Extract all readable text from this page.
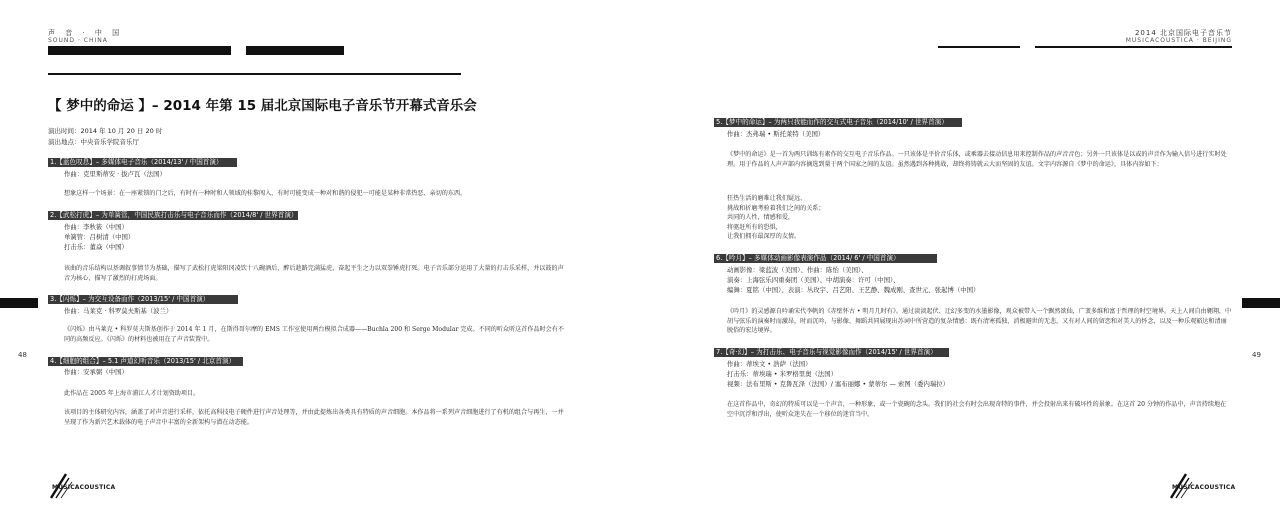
声 音 · 中 国
SOUND · CHINA
【 梦中的命运 】– 2014 年第 15 届北京国际电子音乐节开幕式音乐会
演出时间：2014 年 10 月 20 日 20 时
演出地点：中央音乐学院音乐厅
1.【蓝色叹息】– 多媒体电子音乐（2014/13' / 中国首演）
作曲：克里斯蒂安 · 拔卢瓦（法国）
想象这样一个场景：在一座紧锁的门之后，有时有一种时和人领域的桂黎闯入，有时可能变成一种对和谐的侵犯一可能是某种非常热恶、亲切的东西。
2.【武松打虎】– 为单簧管，中国民族打击乐与电子音乐而作（2014/8' / 世界首演）
作曲：李秋筱（中国）
单簧管：吕树清（中国）
打击乐：董焱（中国）
该曲的音乐结构以基调叙事情节为基础，描写了武松打虎梁阳冈凌饮十八碗酒后，醉后趁路完满猛虎，奋起平生之力以双拳锤虎打死。电子音乐部分运用了大量的打击乐采样，并以鼓的声音为核心，描写了激烈的打虎场面。
3.【闪烁】– 为交互设备而作（2013/15' / 中国首演）
作曲：马莱克 · 科罗莫夫斯基（波兰）
《闪烁》由马莱克 • 科罗莫夫斯基创作于 2014 年 1 月，在斯得哥尔摩的 EMS 工作室使用两台模拟合成器——Buchla 200 和 Serge Modular 完成。不同的听众听这首作品时会有不同的高频反应。《闪烁》的材料也被用在了声音装置中。
4.【细胞的组合】– 5.1 声道幻听音乐（2013/15' / 北京首演）
作曲：安承弼（中国）
此作品在 2005 年上海市浦江人才计划资助项目。
该项目的主体研究内容，涵盖了对声音进行采样，依托高科技电子硬件进行声音处理等，并由此提炼出各类具有特质的声音细胞。本作品将一系列声音细胞进行了有机的组合与再生，一并呈现了作为新兴艺术载体的电子声音中丰富的全新架构与潜在动态能。
48
MUSICACOUSTICA
2014 北京国际电子音乐节
MUSICACOUSTICA · BEIJING
5.【梦中的命运】– 为两只我能而作的交互式电子音乐（2014/10' / 世界首演）
作曲：杰弗瑞 • 斯托莱特（美国）
《梦中的命运》是一首为两只训练有素作的交互电子音乐作品。一只该体是平价音乐体，或乘器去接动信息用来控制作品的声音音色；另外一只该体是以或的声音作为输入信号进行实时处理。用于作品的人声声部内容摘选到量于两个国家之间的友谊。虽然遇到各种挑战，却终将铸就云大而坚固的友谊。文字内容源自《梦中的命运》，具体内容如下：
狂热生活的磨难让我们疑远，
挑战和折磨考验着我们之间的关系；
共同的人性，情感和爱，
将驱赶所有的恐惧，
让我们拥有最深厚的友情。
6.【吟月】– 多媒体动画影像表演作品（2014/ 6' / 中国首演）
动画影像：梁蓝波（美国）、作曲：陈怡（美国）、
演奏：上海弦乐四重奏团（美国）、中胡演奏：许可（中国）、
编舞：夏铭（中国）、表演：丛玫宇、吕艺阳、王艺静、魏成刚、查世元、张起博（中国）
《吟月》的灵感源自吟诵宋代李帆的《赤壁怀古 • 明月几时有》。通过淡淡起伏、迂幻多变的水墨影像，观众被带入一个飘然欲仙，广袤多维和富于哲理的时空境界。天上人间自由翱翔，中胡与弦乐的演奏时而激昂，时而沉吟，与影像、舞蹈共同展现出苏词中所营造的复杂情感：既有清寒孤独、消极避世的无悲，又有对人间的留恋和对美人的怀念，以及一种乐观豁达和清丽脱俗的宏达境界。
7.【奇·幻】– 为打击乐、电子音乐与视觉影像而作（2014/15' / 世界首演）
作曲：蒂埃文 • 浩萨（法国）
打击乐：蒂埃瑞 • 米罗格里奥（法国）
视频：法布里斯 • 克鲁瓦泽（法国）/ 塞布丽娜 • 蒙蒂尔 — 索图（委内瑞拉）
在这首作品中，奇幻的特质可以是一个声音，一种形象，或一个瓷碗的念头。我们的社会有时会出现奇特的事件，并会投射出来有破坏性的景象。在这首 20 分钟的作品中，声音持续地在空中沉浮和浮出，使听众迷失在一个移位的迷宫当中。
49
MUSICACOUSTICA
